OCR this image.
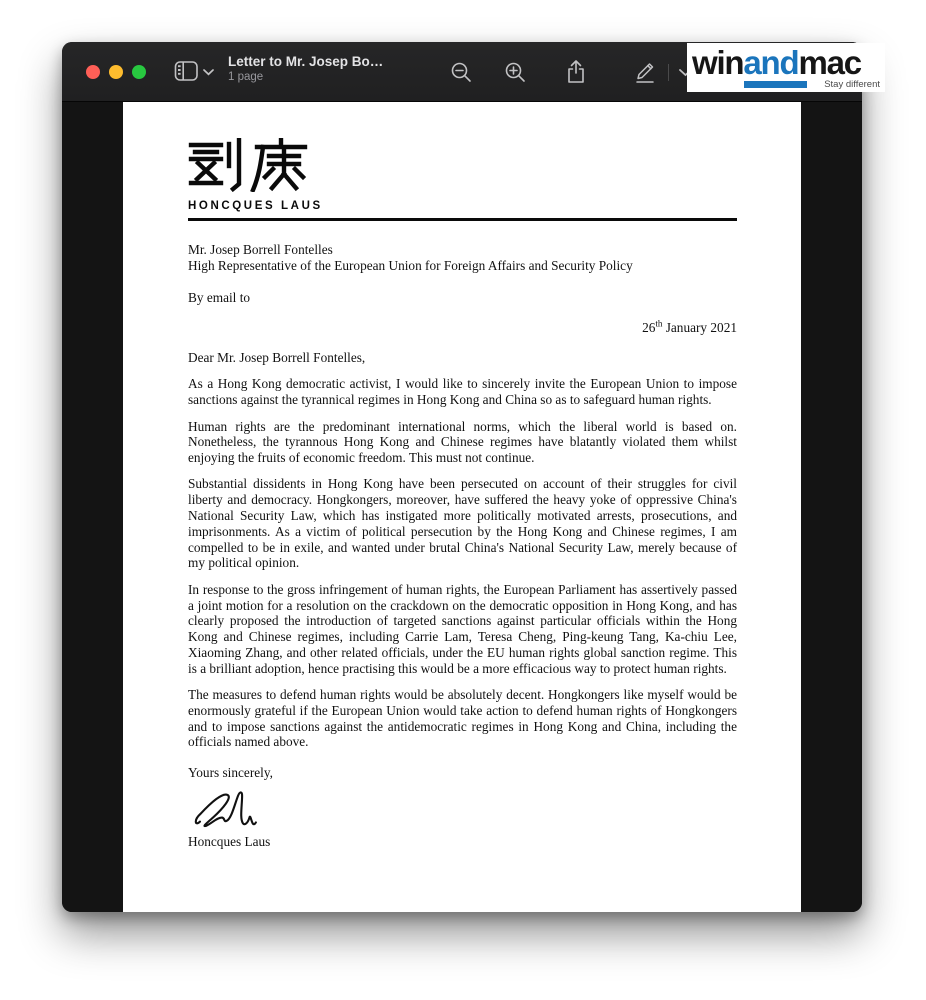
Letter to Mr. Josep Bo…
1 page
HONCQUES LAUS
Mr. Josep Borrell Fontelles
High Representative of the European Union for Foreign Affairs and Security Policy
By email to
26th January 2021
Dear Mr. Josep Borrell Fontelles,

As a Hong Kong democratic activist, I would like to sincerely invite the European Union to impose sanctions against the tyrannical regimes in Hong Kong and China so as to safeguard human rights.

Human rights are the predominant international norms, which the liberal world is based on. Nonetheless, the tyrannous Hong Kong and Chinese regimes have blatantly violated them whilst enjoying the fruits of economic freedom. This must not continue.

Substantial dissidents in Hong Kong have been persecuted on account of their struggles for civil liberty and democracy. Hongkongers, moreover, have suffered the heavy yoke of oppressive China's National Security Law, which has instigated more politically motivated arrests, prosecutions, and imprisonments. As a victim of political persecution by the Hong Kong and Chinese regimes, I am compelled to be in exile, and wanted under brutal China's National Security Law, merely because of my political opinion.

In response to the gross infringement of human rights, the European Parliament has assertively passed a joint motion for a resolution on the crackdown on the democratic opposition in Hong Kong, and has clearly proposed the introduction of targeted sanctions against particular officials within the Hong Kong and Chinese regimes, including Carrie Lam, Teresa Cheng, Ping-keung Tang, Ka-chiu Lee, Xiaoming Zhang, and other related officials, under the EU human rights global sanction regime. This is a brilliant adoption, hence practising this would be a more efficacious way to protect human rights.

The measures to defend human rights would be absolutely decent. Hongkongers like myself would be enormously grateful if the European Union would take action to defend human rights of Hongkongers and to impose sanctions against the antidemocratic regimes in Hong Kong and China, including the officials named above.

Yours sincerely,
Honcques Laus
winandmac
Stay different
